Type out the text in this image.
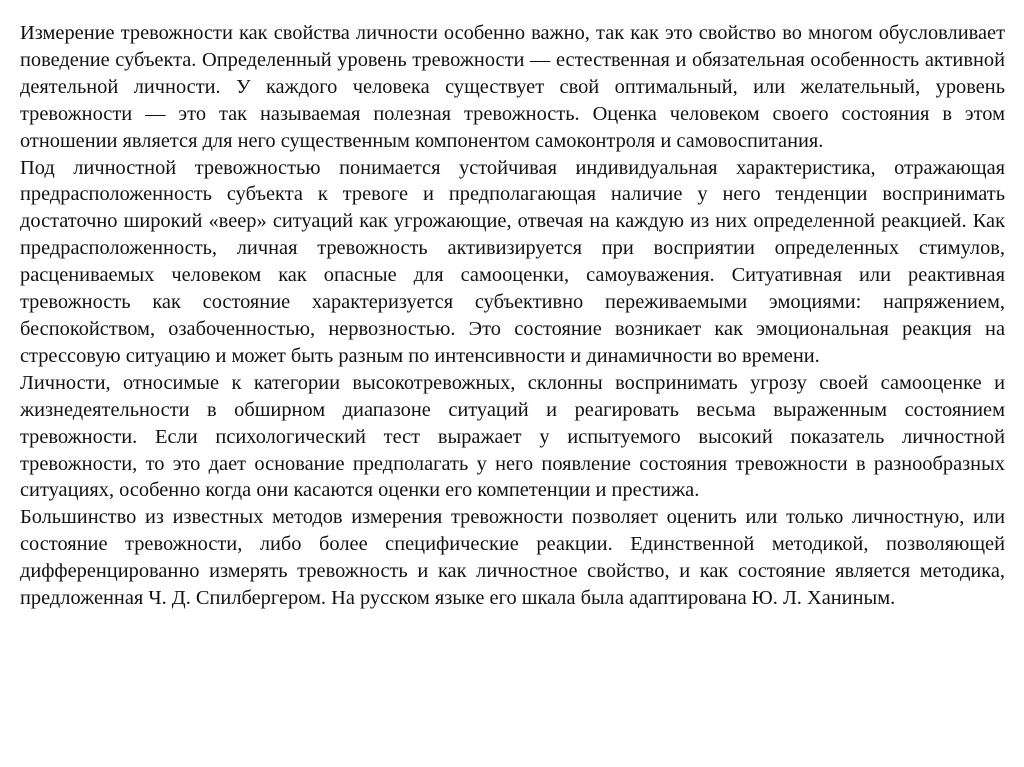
Измерение тревожности как свойства личности особенно важно, так как это свойство во многом обусловливает поведение субъекта. Определенный уровень тревожности — естественная и обязательная особенность активной деятельной личности. У каждого человека существует свой оптимальный, или желательный, уровень тревожности — это так называемая полезная тревожность. Оценка человеком своего состояния в этом отношении является для него существенным компонентом самоконтроля и самовоспитания.

Под личностной тревожностью понимается устойчивая индивидуальная характеристика, отражающая предрасположенность субъекта к тревоге и предполагающая наличие у него тенденции воспринимать достаточно широкий «веер» ситуаций как угрожающие, отвечая на каждую из них определенной реакцией. Как предрасположенность, личная тревожность активизируется при восприятии определенных стимулов, расцениваемых человеком как опасные для самооценки, самоуважения. Ситуативная или реактивная тревожность как состояние характеризуется субъективно переживаемыми эмоциями: напряжением, беспокойством, озабоченностью, нервозностью. Это состояние возникает как эмоциональная реакция на стрессовую ситуацию и может быть разным по интенсивности и динамичности во времени.

Личности, относимые к категории высокотревожных, склонны воспринимать угрозу своей самооценке и жизнедеятельности в обширном диапазоне ситуаций и реагировать весьма выраженным состоянием тревожности. Если психологический тест выражает у испытуемого высокий показатель личностной тревожности, то это дает основание предполагать у него появление состояния тревожности в разнообразных ситуациях, особенно когда они касаются оценки его компетенции и престижа.

Большинство из известных методов измерения тревожности позволяет оценить или только личностную, или состояние тревожности, либо более специфические реакции. Единственной методикой, позволяющей дифференцированно измерять тревожность и как личностное свойство, и как состояние является методика, предложенная Ч. Д. Спилбергером. На русском языке его шкала была адаптирована Ю. Л. Ханиным.
